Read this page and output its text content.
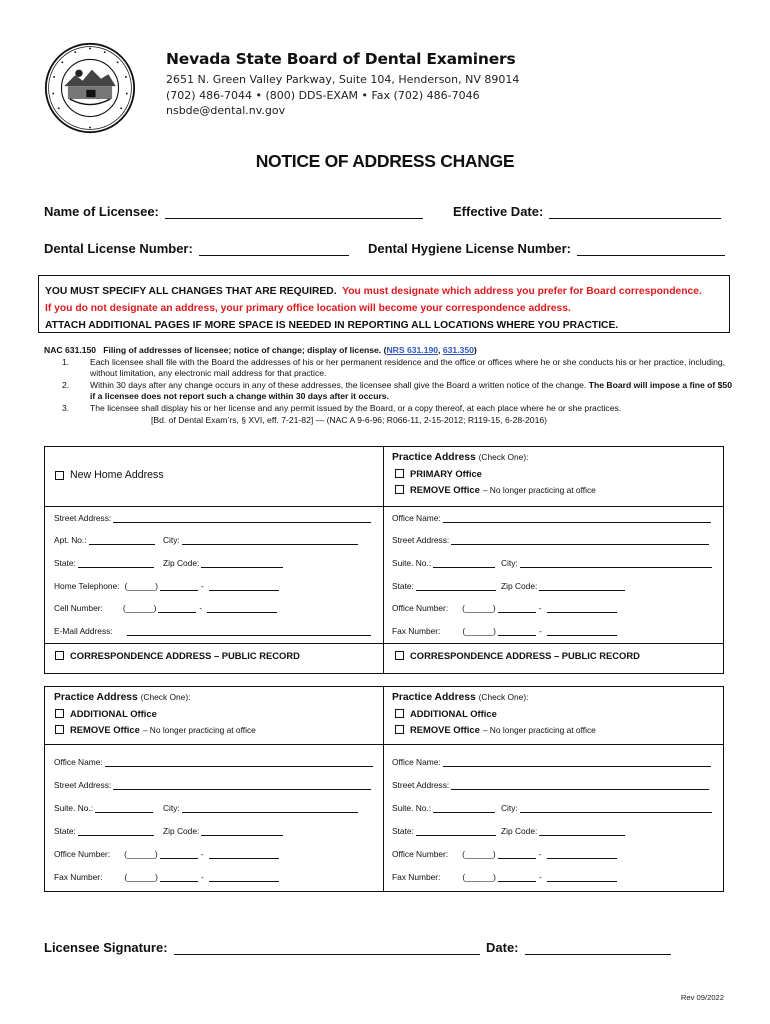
Nevada State Board of Dental Examiners
2651 N. Green Valley Parkway, Suite 104, Henderson, NV 89014
(702) 486-7044 • (800) DDS-EXAM • Fax (702) 486-7046
nsbde@dental.nv.gov
NOTICE OF ADDRESS CHANGE
Name of Licensee:	Effective Date:
Dental License Number:	Dental Hygiene License Number:
YOU MUST SPECIFY ALL CHANGES THAT ARE REQUIRED. You must designate which address you prefer for Board correspondence.
If you do not designate an address, your primary office location will become your correspondence address.
ATTACH ADDITIONAL PAGES IF MORE SPACE IS NEEDED IN REPORTING ALL LOCATIONS WHERE YOU PRACTICE.
NAC 631.150 Filing of addresses of licensee; notice of change; display of license. (NRS 631.190, 631.350)
1.	Each licensee shall file with the Board the addresses of his or her permanent residence and the office or offices where he or she conducts his or her practice, including, without limitation, any electronic mail address for that practice.
2.	Within 30 days after any change occurs in any of these addresses, the licensee shall give the Board a written notice of the change. The Board will impose a fine of $50 if a licensee does not report such a change within 30 days after it occurs.
3.	The licensee shall display his or her license and any permit issued by the Board, or a copy thereof, at each place where he or she practices.
[Bd. of Dental Exam’rs, § XVI, eff. 7-21-82] — (NAC A 9-6-96; R066-11, 2-15-2012; R119-15, 6-28-2016)
New Home Address
Practice Address (Check One):
PRIMARY Office
REMOVE Office – No longer practicing at office
Street Address:
Apt. No.:	City:
State:	Zip Code:
Home Telephone: (______)	-
Cell Number: (______)	-
E-Mail Address:
CORRESPONDENCE ADDRESS – PUBLIC RECORD
Office Name:
Street Address:
Suite. No.:	City:
State:	Zip Code:
Office Number: (______)	-
Fax Number:	(______)	-
CORRESPONDENCE ADDRESS – PUBLIC RECORD
Practice Address (Check One):
ADDITIONAL Office
REMOVE Office – No longer practicing at office
Practice Address (Check One):
ADDITIONAL Office
REMOVE Office – No longer practicing at office
Office Name:
Street Address:
Suite. No.:	City:
State:	Zip Code:
Office Number: (______)	-
Fax Number:	(______)	-
Office Name:
Street Address:
Suite. No.:	City:
State:	Zip Code:
Office Number: (______)	-
Fax Number:	(______)	-
Licensee Signature:	Date:
Rev 09/2022
